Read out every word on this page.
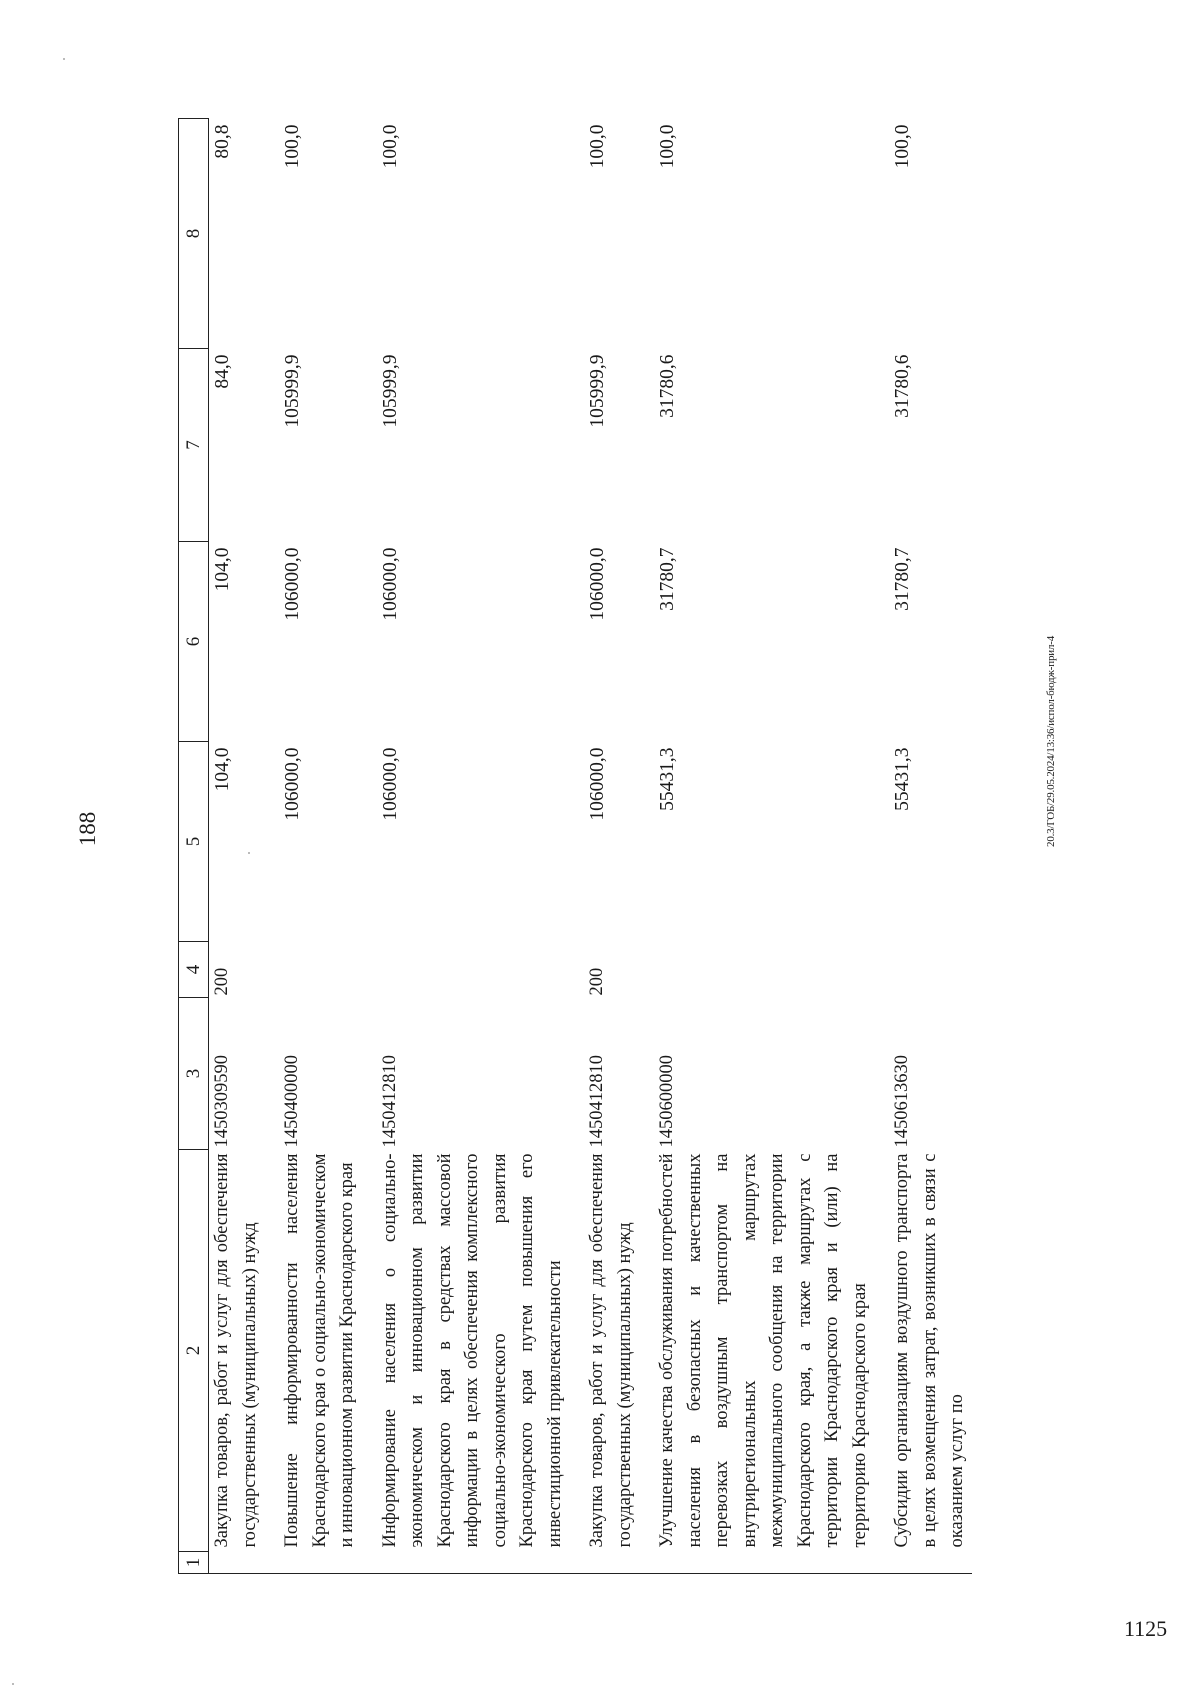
188
1	2	3	4	5	6	7	8
	Закупка товаров, работ и услуг для обеспечения государственных (муниципальных) нужд	1450309590	200	104,0	104,0	84,0	80,8
	Повышение информированности населения Краснодарского края о социально-экономическом и инновационном развитии Краснодарского края	1450400000		106000,0	106000,0	105999,9	100,0
	Информирование населения о социально-экономическом и инновационном развитии Краснодарского края в средствах массовой информации в целях обеспечения комплексного социально-экономического развития Краснодарского края путем повышения его инвестиционной привлекательности	1450412810		106000,0	106000,0	105999,9	100,0
	Закупка товаров, работ и услуг для обеспечения государственных (муниципальных) нужд	1450412810	200	106000,0	106000,0	105999,9	100,0
	Улучшение качества обслуживания потребностей населения в безопасных и качественных перевозках воздушным транспортом на внутрирегиональных маршрутах межмуниципального сообщения на территории Краснодарского края, а также маршрутах с территории Краснодарского края и (или) на территорию Краснодарского края	1450600000		55431,3	31780,7	31780,6	100,0
	Субсидии организациям воздушного транспорта в целях возмещения затрат, возникших в связи с оказанием услуг по	1450613630		55431,3	31780,7	31780,6	100,0
20.3/ГОБ/29.05.2024/13:36/испол-бюдж-прил-4
1125
